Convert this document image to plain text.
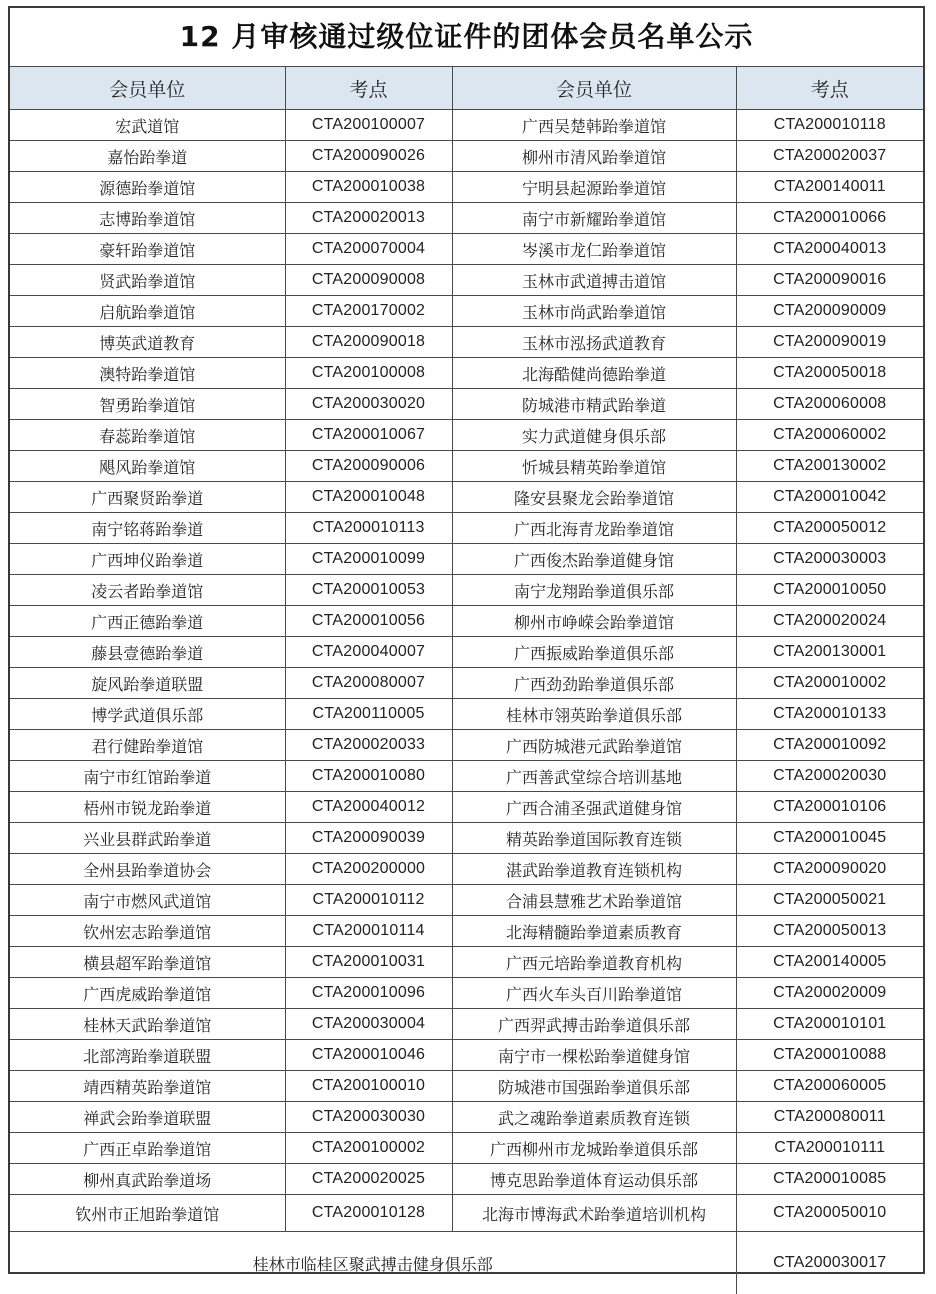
12 月审核通过级位证件的团体会员名单公示
会员单位	考点	会员单位	考点
宏武道馆	CTA200100007	广西吴楚韩跆拳道馆	CTA200010118
嘉怡跆拳道	CTA200090026	柳州市清风跆拳道馆	CTA200020037
源德跆拳道馆	CTA200010038	宁明县起源跆拳道馆	CTA200140011
志博跆拳道馆	CTA200020013	南宁市新耀跆拳道馆	CTA200010066
豪轩跆拳道馆	CTA200070004	岑溪市龙仁跆拳道馆	CTA200040013
贤武跆拳道馆	CTA200090008	玉林市武道搏击道馆	CTA200090016
启航跆拳道馆	CTA200170002	玉林市尚武跆拳道馆	CTA200090009
博英武道教育	CTA200090018	玉林市泓扬武道教育	CTA200090019
澳特跆拳道馆	CTA200100008	北海酷健尚德跆拳道	CTA200050018
智勇跆拳道馆	CTA200030020	防城港市精武跆拳道	CTA200060008
春蕊跆拳道馆	CTA200010067	实力武道健身俱乐部	CTA200060002
飓风跆拳道馆	CTA200090006	忻城县精英跆拳道馆	CTA200130002
广西聚贤跆拳道	CTA200010048	隆安县聚龙会跆拳道馆	CTA200010042
南宁铭蒋跆拳道	CTA200010113	广西北海青龙跆拳道馆	CTA200050012
广西坤仪跆拳道	CTA200010099	广西俊杰跆拳道健身馆	CTA200030003
凌云者跆拳道馆	CTA200010053	南宁龙翔跆拳道俱乐部	CTA200010050
广西正德跆拳道	CTA200010056	柳州市峥嵘会跆拳道馆	CTA200020024
藤县壹德跆拳道	CTA200040007	广西振威跆拳道俱乐部	CTA200130001
旋风跆拳道联盟	CTA200080007	广西劲劲跆拳道俱乐部	CTA200010002
博学武道俱乐部	CTA200110005	桂林市翎英跆拳道俱乐部	CTA200010133
君行健跆拳道馆	CTA200020033	广西防城港元武跆拳道馆	CTA200010092
南宁市红馆跆拳道	CTA200010080	广西善武堂综合培训基地	CTA200020030
梧州市锐龙跆拳道	CTA200040012	广西合浦圣强武道健身馆	CTA200010106
兴业县群武跆拳道	CTA200090039	精英跆拳道国际教育连锁	CTA200010045
全州县跆拳道协会	CTA200200000	湛武跆拳道教育连锁机构	CTA200090020
南宁市燃风武道馆	CTA200010112	合浦县慧雅艺术跆拳道馆	CTA200050021
钦州宏志跆拳道馆	CTA200010114	北海精髓跆拳道素质教育	CTA200050013
横县超军跆拳道馆	CTA200010031	广西元培跆拳道教育机构	CTA200140005
广西虎威跆拳道馆	CTA200010096	广西火车头百川跆拳道馆	CTA200020009
桂林天武跆拳道馆	CTA200030004	广西羿武搏击跆拳道俱乐部	CTA200010101
北部湾跆拳道联盟	CTA200010046	南宁市一棵松跆拳道健身馆	CTA200010088
靖西精英跆拳道馆	CTA200100010	防城港市国强跆拳道俱乐部	CTA200060005
禅武会跆拳道联盟	CTA200030030	武之魂跆拳道素质教育连锁	CTA200080011
广西正卓跆拳道馆	CTA200100002	广西柳州市龙城跆拳道俱乐部	CTA200010111
柳州真武跆拳道场	CTA200020025	博克思跆拳道体育运动俱乐部	CTA200010085
钦州市正旭跆拳道馆	CTA200010128	北海市博海武术跆拳道培训机构	CTA200050010
桂林市临桂区聚武搏击健身俱乐部			CTA200030017
